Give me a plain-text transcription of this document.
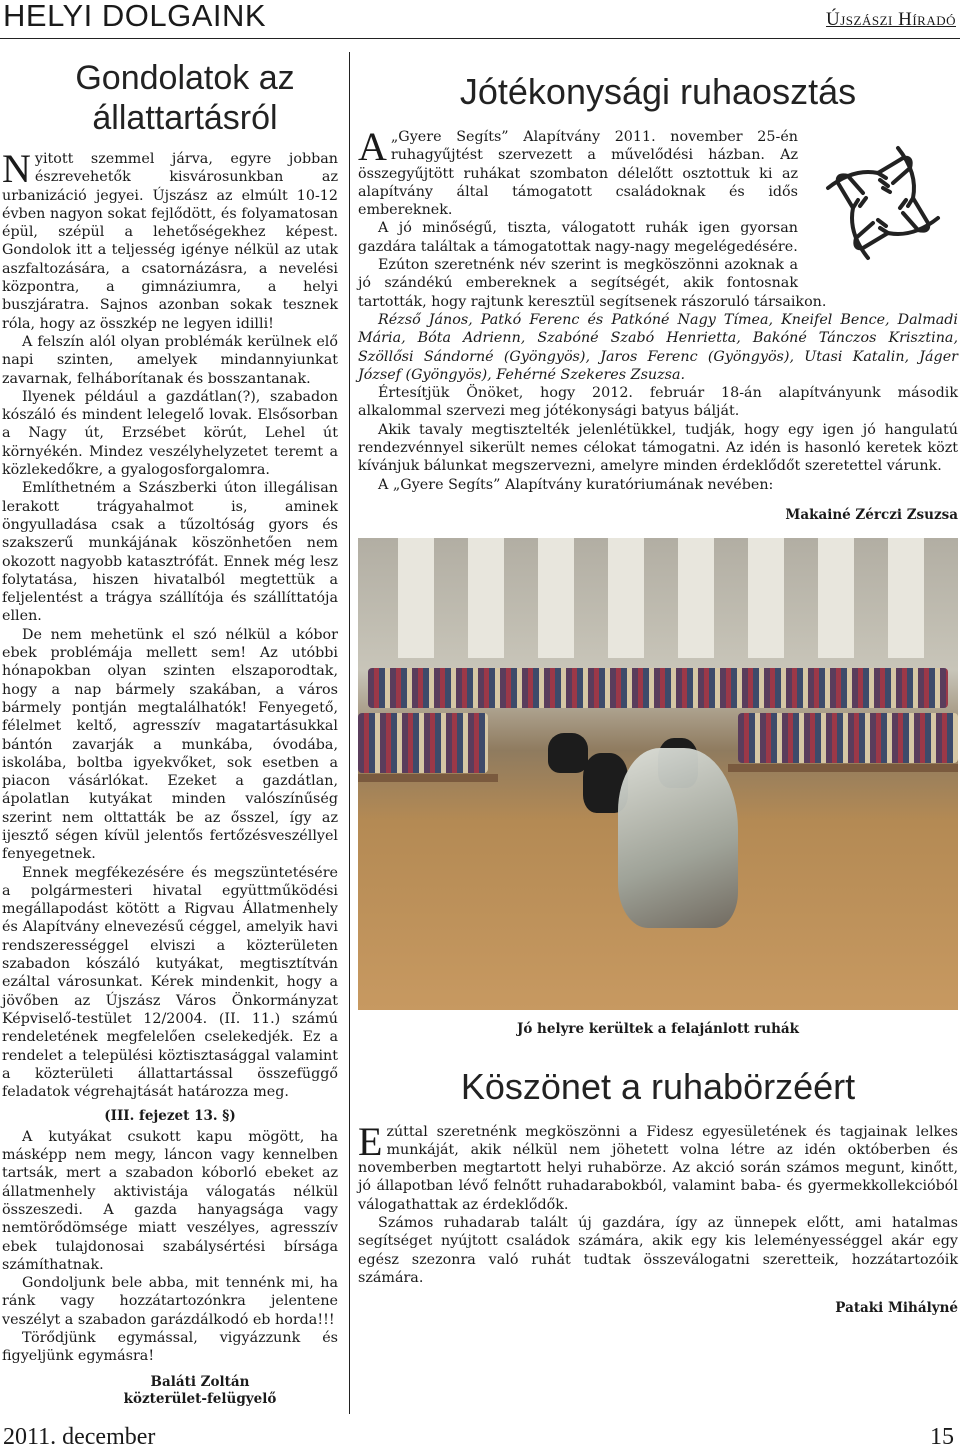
HELYI DOLGAINK	Újszászi Híradó
Gondolatok az állattartásról

Nyitott szemmel járva, egyre jobban észrevehetők kisvárosunkban az urbanizáció jegyei. Újszász az elmúlt 10-12 évben nagyon sokat fejlődött, és folyamatosan épül, szépül a lehetőségekhez képest. Gondolok itt a teljesség igénye nélkül az utak aszfaltozására, a csatornázásra, a nevelési központra, a gimnáziumra, a helyi buszjáratra. Sajnos azonban sokak tesznek róla, hogy az összkép ne legyen idilli!

A felszín alól olyan problémák kerülnek elő napi szinten, amelyek mindannyiunkat zavarnak, felháborítanak és bosszantanak.

Ilyenek például a gazdátlan(?), szabadon kószáló és mindent lelegelő lovak. Elsősorban a Nagy út, Erzsébet körút, Lehel út környékén. Mindez veszélyhelyzetet teremt a közlekedőkre, a gyalogosforgalomra.

Említhetném a Szászberki úton illegálisan lerakott trágyahalmot is, aminek öngyulladása csak a tűzoltóság gyors és szakszerű munkájának köszönhetően nem okozott nagyobb katasztrófát. Ennek még lesz folytatása, hiszen hivatalból megtettük a feljelentést a trágya szállítója és szállíttatója ellen.

De nem mehetünk el szó nélkül a kóbor ebek problémája mellett sem! Az utóbbi hónapokban olyan szinten elszaporodtak, hogy a nap bármely szakában, a város bármely pontján megtalálhatók! Fenyegető, félelmet keltő, agresszív magatartásukkal bántón zavarják a munkába, óvodába, iskolába, boltba igyekvőket, sok esetben a piacon vásárlókat. Ezeket a gazdátlan, ápolatlan kutyákat minden valószínűség szerint nem olttatták be az ősszel, így az ijesztő ségen kívül jelentős fertőzésveszéllyel fenyegetnek.

Ennek megfékezésére és megszüntetésére a polgármesteri hivatal együttműködési megállapodást kötött a Rigvau Állatmenhely és Alapítvány elnevezésű céggel, amelyik havi rendszerességgel elviszi a közterületen szabadon kószáló kutyákat, megtisztítván ezáltal városunkat. Kérek mindenkit, hogy a jövőben az Újszász Város Önkormányzat Képviselő-testület 12/2004. (II. 11.) számú rendeletének megfelelően cselekedjék. Ez a rendelet a települési köztisztasággal valamint a közterületi állattartással összefüggő feladatok végrehajtását határozza meg.

(III. fejezet 13. §)

A kutyákat csukott kapu mögött, ha másképp nem megy, láncon vagy kennelben tartsák, mert a szabadon kóborló ebeket az állatmenhely aktivistája válogatás nélkül összeszedi. A gazda hanyagsága vagy nemtörődömsége miatt veszélyes, agresszív ebek tulajdonosai szabálysértési bírsága számíthatnak.

Gondoljunk bele abba, mit tennénk mi, ha ránk vagy hozzátartozónkra jelentene veszélyt a szabadon garázdálkodó eb horda!!!

Törődjünk egymással, vigyázzunk és figyeljünk egymásra!

Baláti Zoltán
közterület-felügyelő
Jótékonysági ruhaosztás

A „Gyere Segíts” Alapítvány 2011. november 25-én ruhagyűjtést szervezett a művelődési házban. Az összegyűjtött ruhákat szombaton délelőtt osztottuk ki az alapítvány által támogatott családoknak és idős embereknek.

A jó minőségű, tiszta, válogatott ruhák igen gyorsan gazdára találtak a támogatottak nagy-nagy megelégedésére.

Ezúton szeretnénk név szerint is megköszönni azoknak a jó szándékú embereknek a segítségét, akik fontosnak tartották, hogy rajtunk keresztül segítsenek rászoruló társaikon.

Rézső János, Patkó Ferenc és Patkóné Nagy Tímea, Kneifel Bence, Dalmadi Mária, Bóta Adrienn, Szabóné Szabó Henrietta, Bakóné Tánczos Krisztina, Szöllősi Sándorné (Gyöngyös), Jaros Ferenc (Gyöngyös), Utasi Katalin, Jáger József (Gyöngyös), Fehérné Szekeres Zsuzsa.

Értesítjük Önöket, hogy 2012. február 18-án alapítványunk második alkalommal szervezi meg jótékonysági batyus bálját.

Akik tavaly megtisztelték jelenlétükkel, tudják, hogy egy igen jó hangulatú rendezvénnyel sikerült nemes célokat támogatni. Az idén is hasonló keretek közt kívánjuk bálunkat megszervezni, amelyre minden érdeklődőt szeretettel várunk.

A „Gyere Segíts” Alapítvány kuratóriumának nevében:

Makainé Zérczi Zsuzsa
Jó helyre kerültek a felajánlott ruhák
Köszönet a ruhabörzéért

Ezúttal szeretnénk megköszönni a Fidesz egyesületének és tagjainak lelkes munkáját, akik nélkül nem jöhetett volna létre az idén októberben és novemberben megtartott helyi ruhabörze. Az akció során számos megunt, kinőtt, jó állapotban lévő felnőtt ruhadarabokból, valamint baba- és gyermekkollekcióból válogathattak az érdeklődők.

Számos ruhadarab talált új gazdára, így az ünnepek előtt, ami hatalmas segítséget nyújtott családok számára, akik egy kis leleményességgel akár egy egész szezonra való ruhát tudtak összeválogatni szeretteik, hozzátartozóik számára.

Pataki Mihályné
2011. december	15
